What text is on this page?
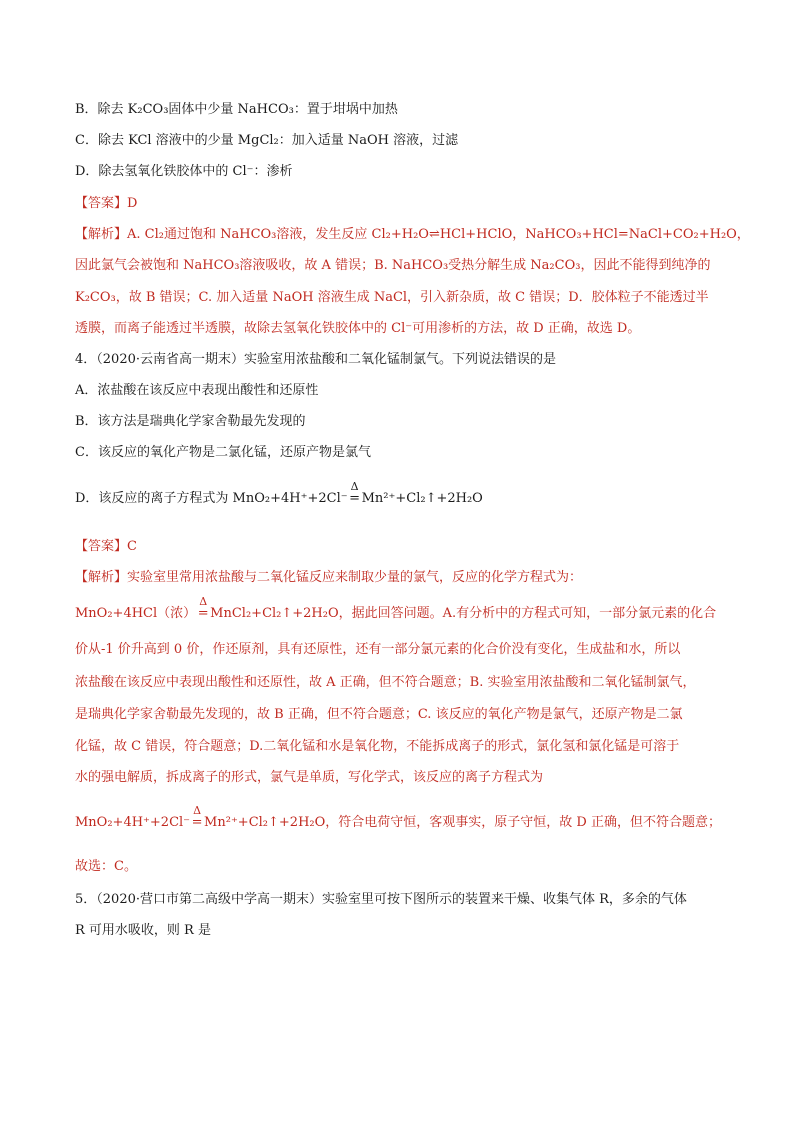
B．除去 K₂CO₃固体中少量 NaHCO₃：置于坩埚中加热
C．除去 KCl 溶液中的少量 MgCl₂：加入适量 NaOH 溶液，过滤
D．除去氢氧化铁胶体中的 Cl⁻：渗析
【答案】D
【解析】A. Cl₂通过饱和 NaHCO₃溶液，发生反应 Cl₂+H₂O⇌HCl+HClO，NaHCO₃+HCl=NaCl+CO₂+H₂O，
因此氯气会被饱和 NaHCO₃溶液吸收，故 A 错误；B. NaHCO₃受热分解生成 Na₂CO₃，因此不能得到纯净的
K₂CO₃，故 B 错误；C. 加入适量 NaOH 溶液生成 NaCl，引入新杂质，故 C 错误；D．胶体粒子不能透过半
透膜，而离子能透过半透膜，故除去氢氧化铁胶体中的 Cl⁻可用渗析的方法，故 D 正确，故选 D。
4．（2020·云南省高一期末）实验室用浓盐酸和二氧化锰制氯气。下列说法错误的是
A．浓盐酸在该反应中表现出酸性和还原性
B．该方法是瑞典化学家舍勒最先发现的
C．该反应的氧化产物是二氯化锰，还原产物是氯气
D．该反应的离子方程式为 MnO₂+4H⁺+2Cl⁻
Δ
= Mn²⁺+Cl₂↑+2H₂O
【答案】C
【解析】实验室里常用浓盐酸与二氧化锰反应来制取少量的氯气，反应的化学方程式为：
MnO₂+4HCl（浓）
Δ
= MnCl₂+Cl₂↑+2H₂O，据此回答问题。A.有分析中的方程式可知，一部分氯元素的化合
价从-1 价升高到 0 价，作还原剂，具有还原性，还有一部分氯元素的化合价没有变化，生成盐和水，所以
浓盐酸在该反应中表现出酸性和还原性，故 A 正确，但不符合题意；B. 实验室用浓盐酸和二氧化锰制氯气，
是瑞典化学家舍勒最先发现的，故 B 正确，但不符合题意；C. 该反应的氧化产物是氯气，还原产物是二氯
化锰，故 C 错误，符合题意；D.二氧化锰和水是氧化物，不能拆成离子的形式，氯化氢和氯化锰是可溶于
水的强电解质，拆成离子的形式，氯气是单质，写化学式，该反应的离子方程式为
MnO₂+4H⁺+2Cl⁻
Δ
= Mn²⁺+Cl₂↑+2H₂O，符合电荷守恒，客观事实，原子守恒，故 D 正确，但不符合题意；
故选：C。
5．（2020·营口市第二高级中学高一期末）实验室里可按下图所示的装置来干燥、收集气体 R，多余的气体
R 可用水吸收，则 R 是
